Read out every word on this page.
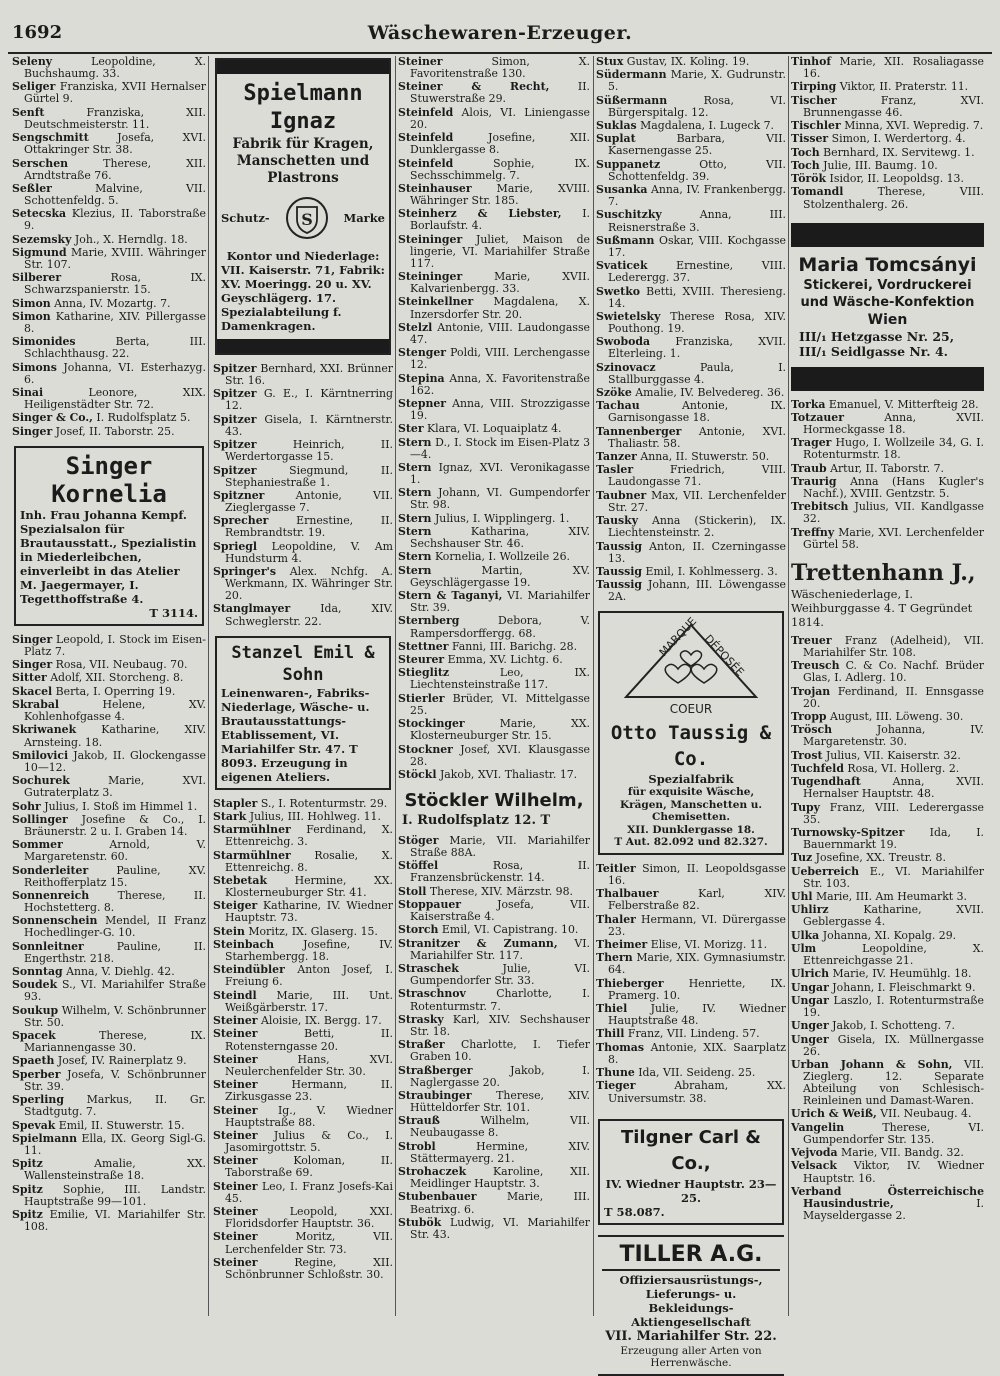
1692	Wäschewaren-Erzeuger.
Seleny Leopoldine, X. Buchshaumg. 33.
Seliger Franziska, XVII Hernalser Gürtel 9.
Senft Franziska, XII. Deutschmeisterstr. 11.
Sengschmitt Josefa, XVI. Ottakringer Str. 38.
Serschen Therese, XII. Arndtstraße 76.
Seßler Malvine, VII. Schottenfeldg. 5.
Setecska Klezius, II. Taborstraße 9.
Sezemsky Joh., X. Herndlg. 18.
Sigmund Marie, XVIII. Währinger Str. 107.
Silberer Rosa, IX. Schwarzspanierstr. 15.
Simon Anna, IV. Mozartg. 7.
Simon Katharine, XIV. Pillergasse 8.
Simonides Berta, III. Schlachthausg. 22.
Simons Johanna, VI. Esterhazyg. 6.
Sinai Leonore, XIX. Heiligenstädter Str. 72.
Singer & Co., I. Rudolfsplatz 5.
Singer Josef, II. Taborstr. 25.
Singer Kornelia
Inh. Frau Johanna Kempf.
Spezialsalon für Brautausstatt., Spezialistin in Miederleibchen, einverleibt in das Atelier M. Jaegermayer, I. Tegetthoffstraße 4.
T 3114.
Singer Leopold, I. Stock im Eisen-Platz 7.
Singer Rosa, VII. Neubaug. 70.
Sitter Adolf, XII. Storcheng. 8.
Skacel Berta, I. Operring 19.
Skrabal Helene, XV. Kohlenhofgasse 4.
Skriwanek Katharine, XIV. Arnsteing. 18.
Smilovici Jakob, II. Glockengasse 10—12.
Sochurek Marie, XVI. Gutraterplatz 3.
Sohr Julius, I. Stoß im Himmel 1.
Sollinger Josefine & Co., I. Bräunerstr. 2 u. I. Graben 14.
Sommer Arnold, V. Margaretenstr. 60.
Sonderleiter Pauline, XV. Reithofferplatz 15.
Sonnenreich Therese, II. Hochstetterg. 8.
Sonnenschein Mendel, II Franz Hochedlinger-G. 10.
Sonnleitner Pauline, II. Engerthstr. 218.
Sonntag Anna, V. Diehlg. 42.
Soudek S., VI. Mariahilfer Straße 93.
Soukup Wilhelm, V. Schönbrunner Str. 50.
Spacek Therese, IX. Mariannengasse 30.
Spaeth Josef, IV. Rainerplatz 9.
Sperber Josefa, V. Schönbrunner Str. 39.
Sperling Markus, II. Gr. Stadtgutg. 7.
Spevak Emil, II. Stuwerstr. 15.
Spielmann Ella, IX. Georg Sigl-G. 11.
Spitz Amalie, XX. Wallensteinstraße 18.
Spitz Sophie, III. Landstr. Hauptstraße 99—101.
Spitz Emilie, VI. Mariahilfer Str. 108.
Spielmann Ignaz
Fabrik für Kragen, Manschetten und Plastrons
Schutz- S	Marke
Kontor und Niederlage:
VII. Kaiserstr. 71, Fabrik: XV. Moeringg. 20 u. XV. Geyschlägerg. 17. Spezialabteilung f. Damenkragen.
Spitzer Bernhard, XXI. Brünner Str. 16.
Spitzer G. E., I. Kärntnerring 12.
Spitzer Gisela, I. Kärntnerstr. 43.
Spitzer Heinrich, II. Werdertorgasse 15.
Spitzer Siegmund, II. Stephaniestraße 1.
Spitzner Antonie, VII. Zieglergasse 7.
Sprecher Ernestine, II. Rembrandtstr. 19.
Spriegl Leopoldine, V. Am Hundsturm 4.
Springer's Alex. Nchfg. A. Werkmann, IX. Währinger Str. 20.
Stanglmayer Ida, XIV. Schweglerstr. 22.
Stanzel Emil & Sohn
Leinenwaren-, Fabriks-Niederlage, Wäsche- u. Brautausstattungs-Etablissement, VI. Mariahilfer Str. 47. T 8093. Erzeugung in eigenen Ateliers.
Stapler S., I. Rotenturmstr. 29.
Stark Julius, III. Hohlweg. 11.
Starmühlner Ferdinand, X. Ettenreichg. 3.
Starmühlner Rosalie, X. Ettenreichg. 8.
Stebetak Hermine, XX. Klosterneuburger Str. 41.
Steiger Katharine, IV. Wiedner Hauptstr. 73.
Stein Moritz, IX. Glaserg. 15.
Steinbach Josefine, IV. Starhembergg. 18.
Steindübler Anton Josef, I. Freiung 6.
Steindl Marie, III. Unt. Weißgärberstr. 17.
Steiner Aloisie, IX. Bergg. 17.
Steiner Betti, II. Rotensterngasse 20.
Steiner Hans, XVI. Neulerchenfelder Str. 30.
Steiner Hermann, II. Zirkusgasse 23.
Steiner Ig., V. Wiedner Hauptstraße 88.
Steiner Julius & Co., I. Jasomirgottstr. 5.
Steiner Koloman, II. Taborstraße 69.
Steiner Leo, I. Franz Josefs-Kai 45.
Steiner Leopold, XXI. Floridsdorfer Hauptstr. 36.
Steiner Moritz, VII. Lerchenfelder Str. 73.
Steiner Regine, XII. Schönbrunner Schloßstr. 30.
Steiner Simon, X. Favoritenstraße 130.
Steiner & Recht, II. Stuwerstraße 29.
Steinfeld Alois, VI. Liniengasse 20.
Steinfeld Josefine, XII. Dunklergasse 8.
Steinfeld Sophie, IX. Sechsschimmelg. 7.
Steinhauser Marie, XVIII. Währinger Str. 185.
Steinherz & Liebster, I. Borlaufstr. 4.
Steininger Juliet, Maison de lingerie, VI. Mariahilfer Straße 117.
Steininger Marie, XVII. Kalvarienbergg. 33.
Steinkellner Magdalena, X. Inzersdorfer Str. 20.
Stelzl Antonie, VIII. Laudongasse 47.
Stenger Poldi, VIII. Lerchengasse 12.
Stepina Anna, X. Favoritenstraße 162.
Stepner Anna, VIII. Strozzigasse 19.
Ster Klara, VI. Loquaiplatz 4.
Stern D., I. Stock im Eisen-Platz 3—4.
Stern Ignaz, XVI. Veronikagasse 1.
Stern Johann, VI. Gumpendorfer Str. 98.
Stern Julius, I. Wipplingerg. 1.
Stern Katharina, XIV. Sechshauser Str. 46.
Stern Kornelia, I. Wollzeile 26.
Stern Martin, XV. Geyschlägergasse 19.
Stern & Taganyi, VI. Mariahilfer Str. 39.
Sternberg Debora, V. Rampersdorffergg. 68.
Stettner Fanni, III. Barichg. 28.
Steurer Emma, XV. Lichtg. 6.
Stieglitz Leo, IX. Liechtensteinstraße 117.
Stierler Brüder, VI. Mittelgasse 25.
Stockinger Marie, XX. Klosterneuburger Str. 15.
Stockner Josef, XVI. Klausgasse 28.
Stöckl Jakob, XVI. Thaliastr. 17.
Stöckler Wilhelm,
I. Rudolfsplatz 12. T
Stöger Marie, VII. Mariahilfer Straße 88A.
Stöffel Rosa, II. Franzensbrückenstr. 14.
Stoll Therese, XIV. Märzstr. 98.
Stoppauer Josefa, VII. Kaiserstraße 4.
Storch Emil, VI. Capistrang. 10.
Stranitzer & Zumann, VI. Mariahilfer Str. 117.
Straschek Julie, VI. Gumpendorfer Str. 33.
Straschnov Charlotte, I. Rotenturmstr. 7.
Strasky Karl, XIV. Sechshauser Str. 18.
Straßer Charlotte, I. Tiefer Graben 10.
Straßberger Jakob, I. Naglergasse 20.
Straubinger Therese, XIV. Hütteldorfer Str. 101.
Strauß Wilhelm, VII. Neubaugasse 8.
Strobl Hermine, XIV. Stättermayerg. 21.
Strohaczek Karoline, XII. Meidlinger Hauptstr. 3.
Stubenbauer Marie, III. Beatrixg. 6.
Stubök Ludwig, VI. Mariahilfer Str. 43.
Stux Gustav, IX. Koling. 19.
Südermann Marie, X. Gudrunstr. 5.
Süßermann Rosa, VI. Bürgerspitalg. 12.
Suklas Magdalena, I. Lugeck 7.
Suplat Barbara, VII. Kasernengasse 25.
Suppanetz Otto, VII. Schottenfeldg. 39.
Susanka Anna, IV. Frankenbergg. 7.
Suschitzky Anna, III. Reisnerstraße 3.
Sußmann Oskar, VIII. Kochgasse 17.
Svaticek Ernestine, VIII. Lederergg. 37.
Swetko Betti, XVIII. Theresieng. 14.
Swietelsky Therese Rosa, XIV. Pouthong. 19.
Swoboda Franziska, XVII. Elterleing. 1.
Szinovacz Paula, I. Stallburggasse 4.
Szöke Amalie, IV. Belvedereg. 36.
Tachau Antonie, IX. Garnisongasse 18.
Tannenberger Antonie, XVI. Thaliastr. 58.
Tanzer Anna, II. Stuwerstr. 50.
Tasler Friedrich, VIII. Laudongasse 71.
Taubner Max, VII. Lerchenfelder Str. 27.
Tausky Anna (Stickerin), IX. Liechtensteinstr. 2.
Taussig Anton, II. Czerningasse 13.
Taussig Emil, I. Kohlmesserg. 3.
Taussig Johann, III. Löwengasse 2A.
MARQUE DÉPOSÉE
COEUR
Otto Taussig & Co.
Spezialfabrik
für exquisite Wäsche, Krägen, Manschetten u. Chemisetten.
XII. Dunklergasse 18.
T Aut. 82.092 und 82.327.
Teitler Simon, II. Leopoldsgasse 16.
Thalbauer Karl, XIV. Felberstraße 82.
Thaler Hermann, VI. Dürergasse 23.
Theimer Elise, VI. Morizg. 11.
Thern Marie, XIX. Gymnasiumstr. 64.
Thieberger Henriette, IX. Pramerg. 10.
Thiel Julie, IV. Wiedner Hauptstraße 48.
Thill Franz, VII. Lindeng. 57.
Thomas Antonie, XIX. Saarplatz 8.
Thune Ida, VII. Seideng. 25.
Tieger Abraham, XX. Universumstr. 38.
Tilgner Carl & Co.,
IV. Wiedner Hauptstr. 23—25.
T 58.087.
TILLER A.G.
Offiziersausrüstungs-, Lieferungs- u. Bekleidungs-Aktiengesellschaft
VII. Mariahilfer Str. 22.
Erzeugung aller Arten von Herrenwäsche.
Tinhof Marie, XII. Rosaliagasse 16.
Tirping Viktor, II. Praterstr. 11.
Tischer Franz, XVI. Brunnengasse 46.
Tischler Minna, XVI. Wepredig. 7.
Tisser Simon, I. Werdertorg. 4.
Toch Bernhard, IX. Servitewg. 1.
Toch Julie, III. Baumg. 10.
Török Isidor, II. Leopoldsg. 13.
Tomandl Therese, VIII. Stolzenthalerg. 26.
Maria Tomcsányi
Stickerei, Vordruckerei und Wäsche-Konfektion
Wien
III/₁ Hetzgasse Nr. 25,
III/₁ Seidlgasse Nr. 4.
Torka Emanuel, V. Mitterfteig 28.
Totzauer Anna, XVII. Hormeckgasse 18.
Trager Hugo, I. Wollzeile 34, G. I. Rotenturmstr. 18.
Traub Artur, II. Taborstr. 7.
Traurig Anna (Hans Kugler's Nachf.), XVIII. Gentzstr. 5.
Trebitsch Julius, VII. Kandlgasse 32.
Treffny Marie, XVI. Lerchenfelder Gürtel 58.
Trettenhann J.,
Wäscheniederlage, I. Weihburggasse 4. T Gegründet 1814.
Treuer Franz (Adelheid), VII. Mariahilfer Str. 108.
Treusch C. & Co. Nachf. Brüder Glas, I. Adlerg. 10.
Trojan Ferdinand, II. Ennsgasse 20.
Tropp August, III. Löweng. 30.
Trösch Johanna, IV. Margaretenstr. 30.
Trost Julius, VII. Kaiserstr. 32.
Tuchfeld Rosa, VI. Hollerg. 2.
Tugendhaft Anna, XVII. Hernalser Hauptstr. 48.
Tupy Franz, VIII. Lederergasse 35.
Turnowsky-Spitzer Ida, I. Bauernmarkt 19.
Tuz Josefine, XX. Treustr. 8.
Ueberreich E., VI. Mariahilfer Str. 103.
Uhl Marie, III. Am Heumarkt 3.
Uhlirz Katharine, XVII. Geblergasse 4.
Ulka Johanna, XI. Kopalg. 29.
Ulm Leopoldine, X. Ettenreichgasse 21.
Ulrich Marie, IV. Heumühlg. 18.
Ungar Johann, I. Fleischmarkt 9.
Ungar Laszlo, I. Rotenturmstraße 19.
Unger Jakob, I. Schotteng. 7.
Unger Gisela, IX. Müllnergasse 26.
Urban Johann & Sohn, VII. Zieglerg. 12. Separate Abteilung von Schlesisch-Reinleinen und Damast-Waren.
Urich & Weiß, VII. Neubaug. 4.
Vangelin Therese, VI. Gumpendorfer Str. 135.
Vejvoda Marie, VII. Bandg. 32.
Velsack Viktor, IV. Wiedner Hauptstr. 16.
Verband Österreichische Hausindustrie, I. Mayseldergasse 2.
